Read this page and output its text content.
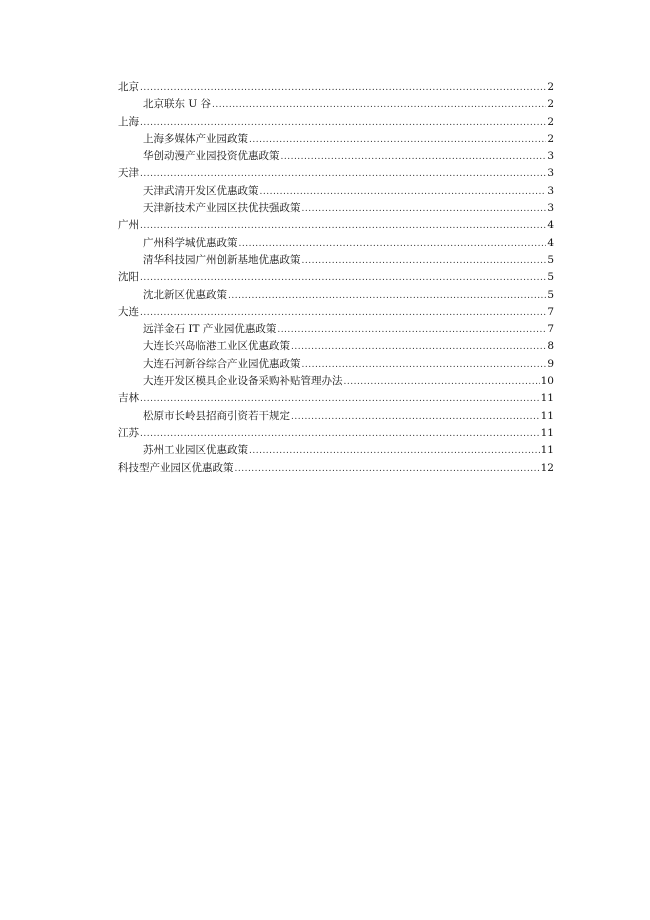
北京 .....	2
北京联东 U 谷 .....	2
上海 .....	2
上海多媒体产业园政策 .....	2
华创动漫产业园投资优惠政策 .....	3
天津 .....	3
天津武清开发区优惠政策 .....	3
天津新技术产业园区扶优扶强政策 .....	3
广州 .....	4
广州科学城优惠政策 .....	4
清华科技园广州创新基地优惠政策 .....	5
沈阳 .....	5
沈北新区优惠政策 .....	5
大连 .....	7
远洋金石 IT 产业园优惠政策 .....	7
大连长兴岛临港工业区优惠政策 .....	8
大连石河新谷综合产业园优惠政策 .....	9
大连开发区模具企业设备采购补贴管理办法 .....	10
吉林 .....	11
松原市长岭县招商引资若干规定 .....	11
江苏 .....	11
苏州工业园区优惠政策 .....	11
科技型产业园区优惠政策 .....	12
